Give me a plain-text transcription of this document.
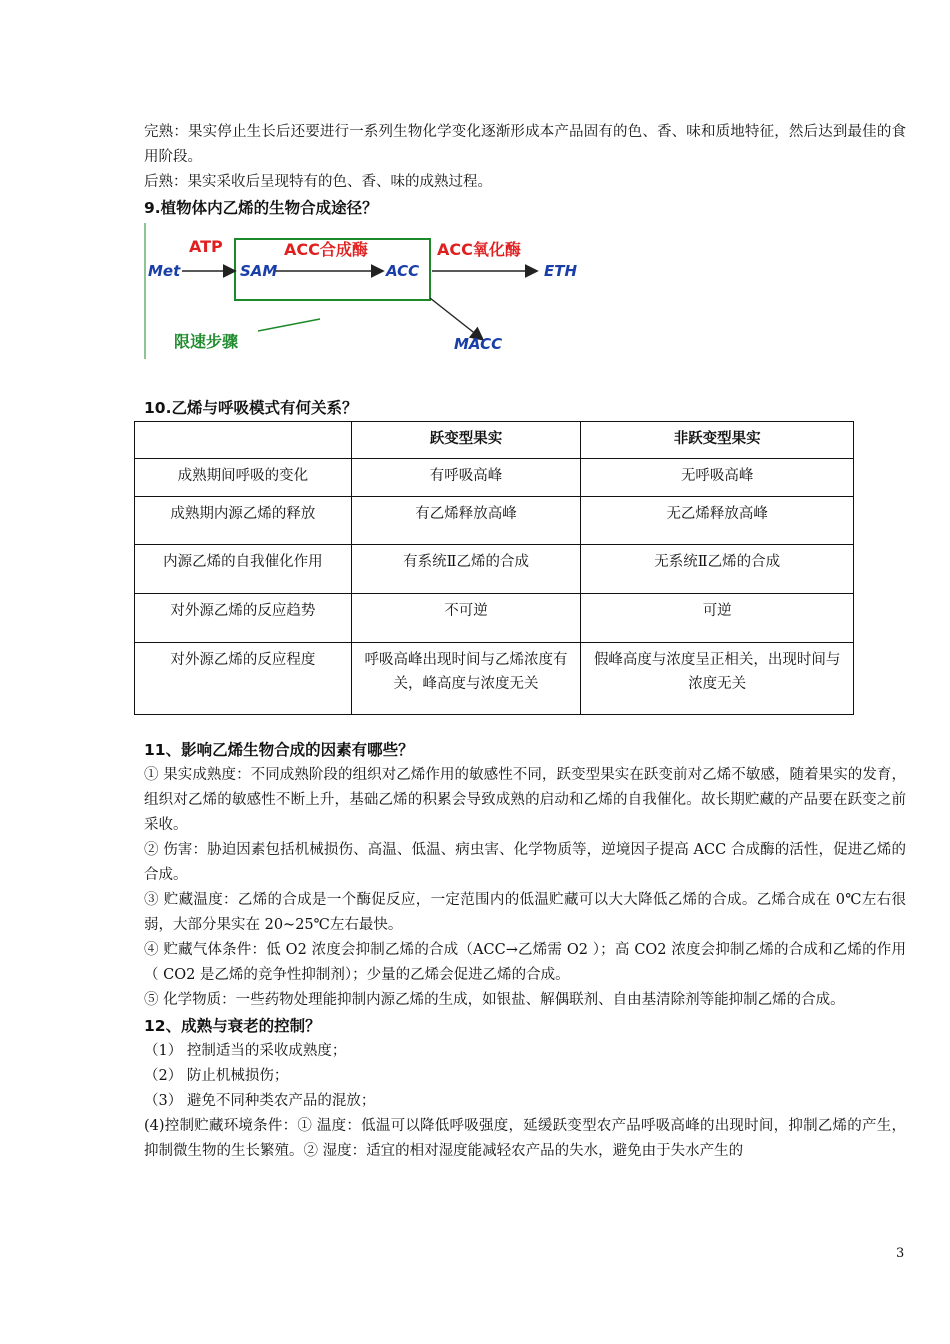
完熟：果实停止生长后还要进行一系列生物化学变化逐渐形成本产品固有的色、香、味和质地特征，然后达到最佳的食用阶段。

后熟：果实采收后呈现特有的色、香、味的成熟过程。

9.植物体内乙烯的生物合成途径？
Met
ATP
SAM
ACC合成酶
ACC
ACC氧化酶
ETH
MACC
限速步骤
10.乙烯与呼吸模式有何关系？
	跃变型果实	非跃变型果实
成熟期间呼吸的变化	有呼吸高峰	无呼吸高峰
成熟期内源乙烯的释放	有乙烯释放高峰	无乙烯释放高峰
内源乙烯的自我催化作用	有系统Ⅱ乙烯的合成	无系统Ⅱ乙烯的合成
对外源乙烯的反应趋势	不可逆	可逆
对外源乙烯的反应程度	呼吸高峰出现时间与乙烯浓度有关，峰高度与浓度无关	假峰高度与浓度呈正相关，出现时间与浓度无关
11、影响乙烯生物合成的因素有哪些？

① 果实成熟度：不同成熟阶段的组织对乙烯作用的敏感性不同，跃变型果实在跃变前对乙烯不敏感，随着果实的发育，组织对乙烯的敏感性不断上升，基础乙烯的积累会导致成熟的启动和乙烯的自我催化。故长期贮藏的产品要在跃变之前采收。

② 伤害：胁迫因素包括机械损伤、高温、低温、病虫害、化学物质等，逆境因子提高 ACC 合成酶的活性，促进乙烯的合成。

③ 贮藏温度：乙烯的合成是一个酶促反应，一定范围内的低温贮藏可以大大降低乙烯的合成。乙烯合成在 0℃左右很弱，大部分果实在 20~25℃左右最快。

④ 贮藏气体条件：低 O2 浓度会抑制乙烯的合成（ACC→乙烯需 O2 ）；高 CO2 浓度会抑制乙烯的合成和乙烯的作用（ CO2 是乙烯的竞争性抑制剂）；少量的乙烯会促进乙烯的合成。

⑤ 化学物质：一些药物处理能抑制内源乙烯的生成，如银盐、解偶联剂、自由基清除剂等能抑制乙烯的合成。

12、成熟与衰老的控制？

（1） 控制适当的采收成熟度；

（2） 防止机械损伤；

（3） 避免不同种类农产品的混放；

(4)控制贮藏环境条件：① 温度：低温可以降低呼吸强度，延缓跃变型农产品呼吸高峰的出现时间，抑制乙烯的产生，抑制微生物的生长繁殖。② 湿度：适宜的相对湿度能减轻农产品的失水，避免由于失水产生的

3
